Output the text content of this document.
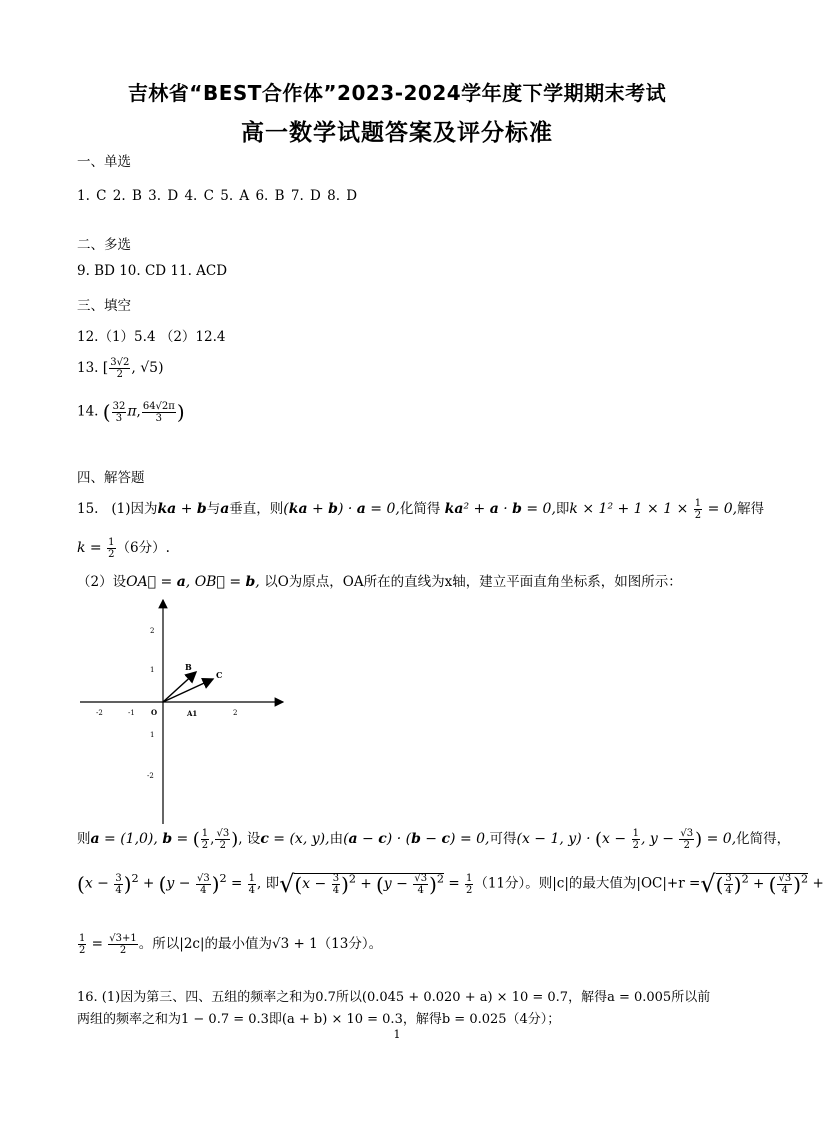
吉林省“BEST合作体”2023-2024学年度下学期期末考试
高一数学试题答案及评分标准
一、单选
1. C 2. B 3. D 4. C 5. A 6. B 7. D 8. D
二、多选
9. BD 10. CD 11. ACD
三、填空
12.（1）5.4 （2）12.4
13. [ $\frac{3√2}{2}$ , √5)
14. ( $\frac{32}{3} \pi$, $\frac{64√2\pi}{3}$ )
四、解答题
15. (1)因为ka + b与a垂直，则(ka + b) · a = 0,化简得 ka² + a · b = 0,即$k \times 1^2 + 1 \times 1 \times \frac{1}{2} = 0$,解得
$k = \frac{1}{2} (6$分）.
（2）设OA⃗ = a, OB⃗ = b, 以O为原点，OA所在的直线为x轴，建立平面直角坐标系，如图所示：
B
C
-2	-1 O	A1	2
2
1
1
-2
则a = (1,0), b = ( $\frac{1}{2}$ , $\frac{√3}{2}$ ), 设c = (x, y),由(a − c) · (b − c) = 0,可得(x − 1, $y) \cdot (x - \frac{1}{2}$ , $y - \frac{√3}{2}$ ) = 0,化简得，
$(x - \frac{3}{4} )^2 + (y - \frac{√3}{4} )^2 = \frac{1}{4}$ , 即$√(x - \frac{3}{4} )^2 + (y - \frac{√3}{4} )^2 = \frac{1}{2} (11$分）。则|c|的最大值为|OC|+r =√( $\frac{3}{4} )^2$ + ( $\frac{√3}{4} )^2$ +
$\frac{1}{2} = \frac{√3+1}{2}$ 。所以|2c|的最小值为√3 + 1（13分）。
16. (1)因为第三、四、五组的频率之和为0.7所以(0.045 + 0.020 + a) × 10 = 0.7，解得a = 0.005所以前
两组的频率之和为1 − 0.7 = 0.3即(a + b) × 10 = 0.3，解得b = 0.025（4分）；
1
